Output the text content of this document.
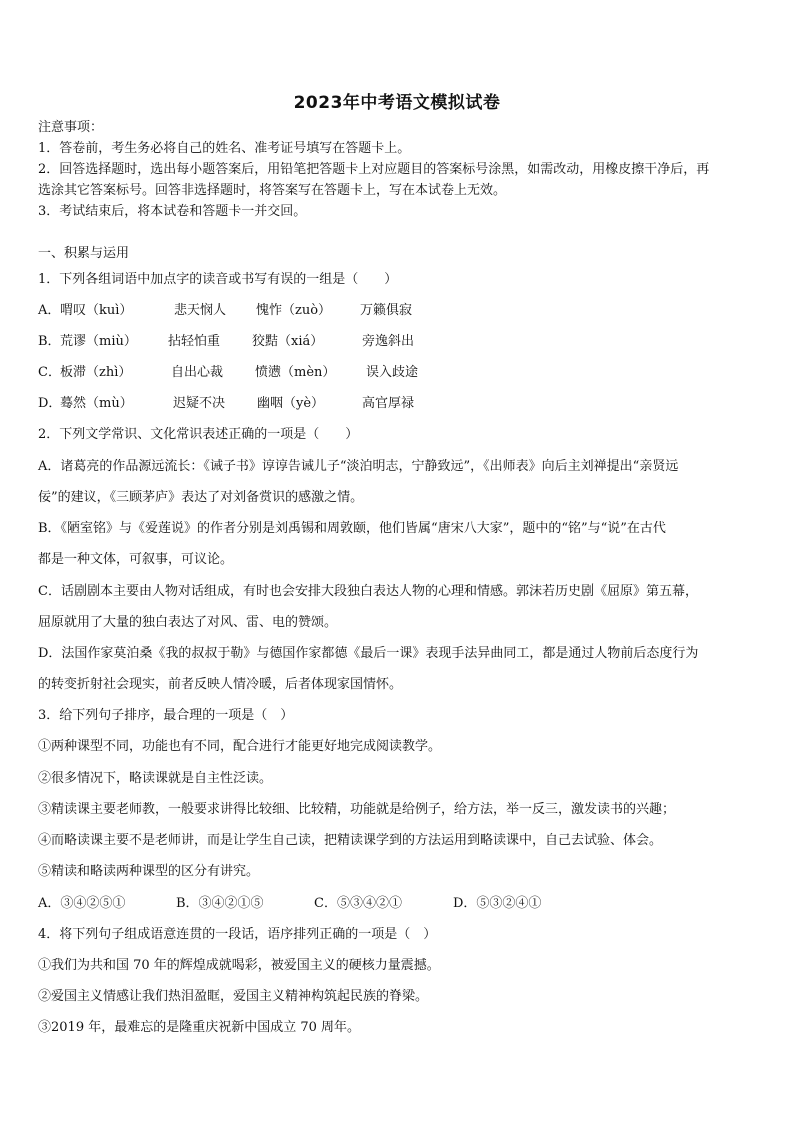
2023年中考语文模拟试卷
注意事项：
1．答卷前，考生务必将自己的姓名、准考证号填写在答题卡上。
2．回答选择题时，选出每小题答案后，用铅笔把答题卡上对应题目的答案标号涂黑，如需改动，用橡皮擦干净后，再
选涂其它答案标号。回答非选择题时，将答案写在答题卡上，写在本试卷上无效。
3．考试结束后，将本试卷和答题卡一并交回。
一、积累与运用
1．下列各组词语中加点字的读音或书写有误的一组是（　　）
A．喟叹（kuì）	悲天悯人 愧怍（zuò） 万籁俱寂
B．荒谬（miù） 拈轻怕重 狡黠（xiá）	旁逸斜出
C．板滞（zhì）	自出心裁 愤懑（mèn） 误入歧途
D．蓦然（mù）	迟疑不决 幽咽（yè）	高官厚禄
2．下列文学常识、文化常识表述正确的一项是（　　）
A．诸葛亮的作品源远流长：《诫子书》谆谆告诫儿子“淡泊明志，宁静致远”，《出师表》向后主刘禅提出“亲贤远
佞”的建议，《三顾茅庐》表达了对刘备赏识的感激之情。
B．《陋室铭》与《爱莲说》的作者分别是刘禹锡和周敦颐，他们皆属“唐宋八大家”，题中的“铭”与“说”在古代
都是一种文体，可叙事，可议论。
C．话剧剧本主要由人物对话组成，有时也会安排大段独白表达人物的心理和情感。郭沫若历史剧《屈原》第五幕，
屈原就用了大量的独白表达了对风、雷、电的赞颂。
D．法国作家莫泊桑《我的叔叔于勒》与德国作家都德《最后一课》表现手法异曲同工，都是通过人物前后态度行为
的转变折射社会现实，前者反映人情冷暖，后者体现家国情怀。
3．给下列句子排序，最合理的一项是（　）
①两种课型不同，功能也有不同，配合进行才能更好地完成阅读教学。
②很多情况下，略读课就是自主性泛读。
③精读课主要老师教，一般要求讲得比较细、比较精，功能就是给例子，给方法，举一反三，激发读书的兴趣；
④而略读课主要不是老师讲，而是让学生自己读，把精读课学到的方法运用到略读课中，自己去试验、体会。
⑤精读和略读两种课型的区分有讲究。
A．③④②⑤①	B．③④②①⑤	C．⑤③④②①	D．⑤③②④①
4．将下列句子组成语意连贯的一段话，语序排列正确的一项是（　）
①我们为共和国 70 年的辉煌成就喝彩，被爱国主义的硬核力量震撼。
②爱国主义情感让我们热泪盈眶，爱国主义精神构筑起民族的脊梁。
③2019 年，最难忘的是隆重庆祝新中国成立 70 周年。
